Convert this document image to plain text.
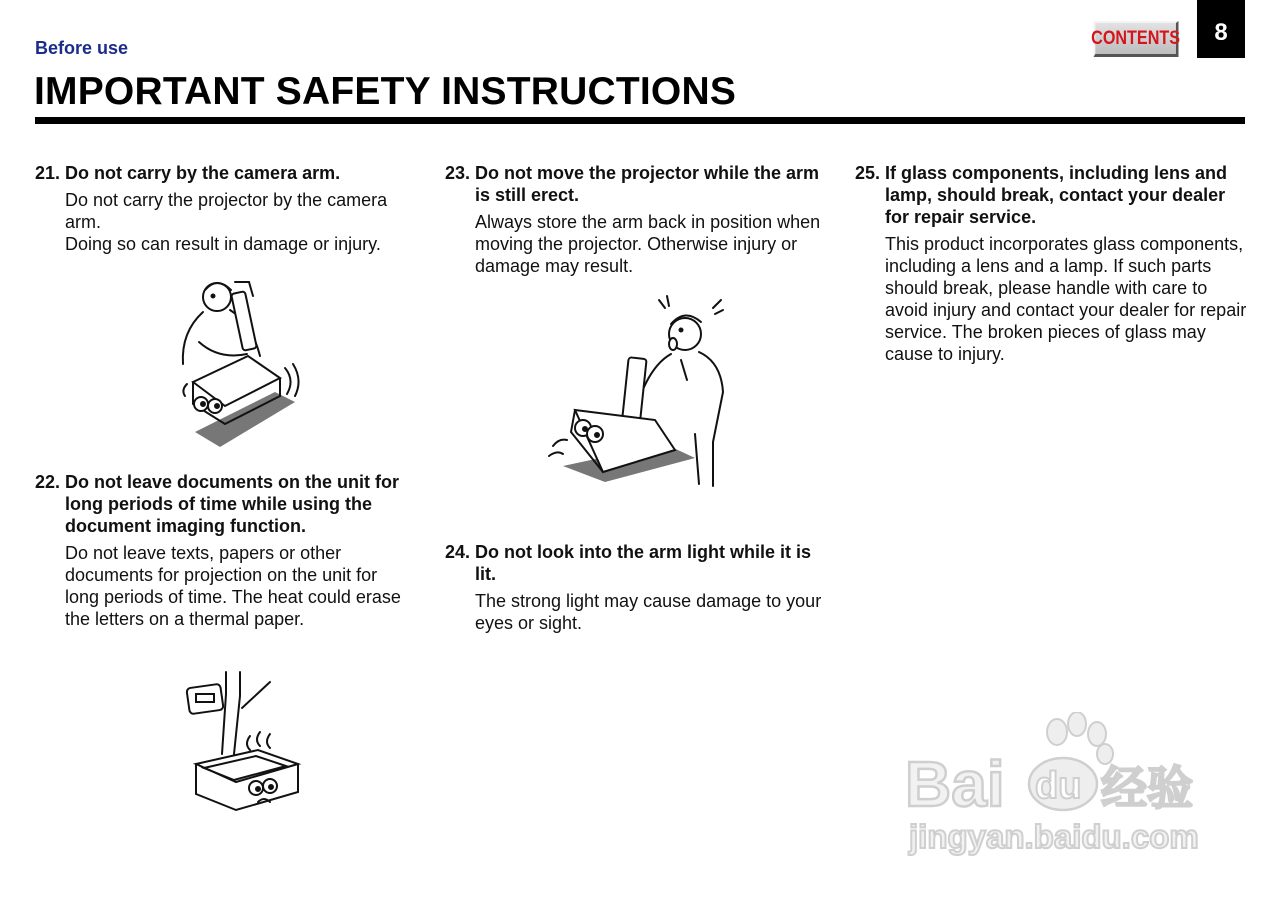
Before use
IMPORTANT SAFETY INSTRUCTIONS
CONTENTS	8

21. Do not carry by the camera arm.

Do not carry the projector by the camera arm.
Doing so can result in damage or injury.

22. Do not leave documents on the unit for long periods of time while using the document imaging function.

Do not leave texts, papers or other documents for projection on the unit for long periods of time. The heat could erase the letters on a thermal paper.

23. Do not move the projector while the arm is still erect.

Always store the arm back in position when moving the projector. Otherwise injury or damage may result.

24. Do not look into the arm light while it is lit.

The strong light may cause damage to your eyes or sight.

25. If glass components, including lens and lamp, should break, contact your dealer for repair service.

This product incorporates glass components, including a lens and a lamp. If such parts should break, please handle with care to avoid injury and contact your dealer for repair service. The broken pieces of glass may cause to injury.
Bai du 经验
jingyan.baidu.com
